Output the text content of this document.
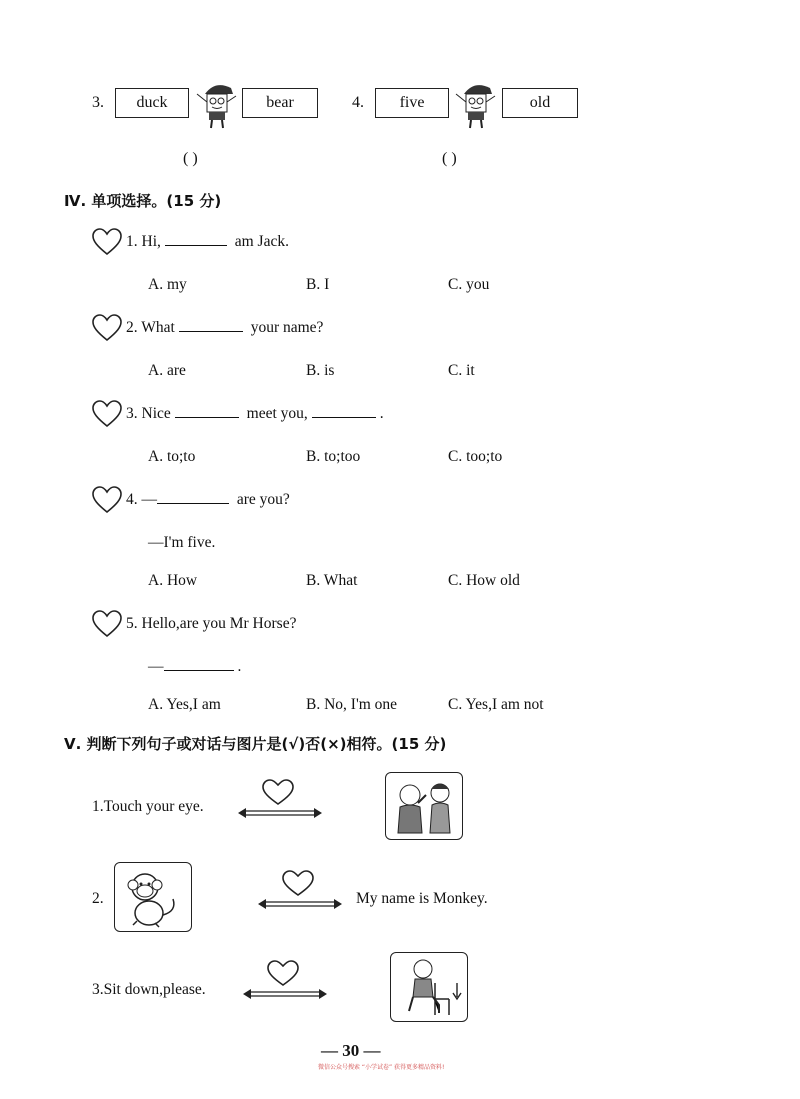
3.	duck	bear
( )
4.	five	old
( )
Ⅳ. 单项选择。(15 分)
1. Hi,	am Jack.
A. my	B. I	C. you
2. What	your name?
A. are	B. is	C. it
3. Nice	meet you,	.
A. to;to	B. to;too	C. too;to
4. —	are you?
—I'm five.
A. How	B. What	C. How old
5. Hello,are you Mr Horse?
—	.
A. Yes,I am	B. No, I'm one	C. Yes,I am not
Ⅴ. 判断下列句子或对话与图片是(√)否(×)相符。(15 分)
1.Touch your eye.
2.	My name is Monkey.
3.Sit down,please.
— 30 —
微信公众号搜索 “小学试卷” 获得更多精品资料!
